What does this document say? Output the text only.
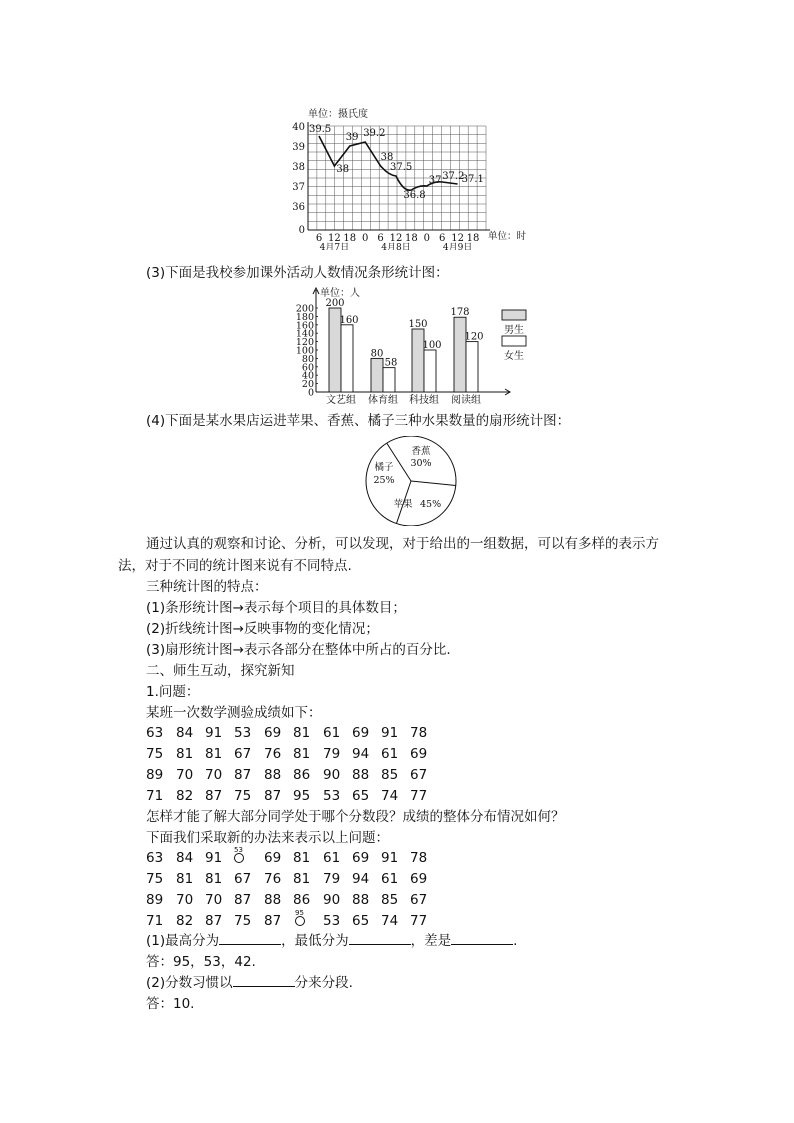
单位：摄氏度
单位：时
40
39
38
37
36
0
6 12 18 0 6 12 18 0 6 12 18
4月7日	4月8日	4月9日
39.5
38
39 39.2
38
37.5
36.8
37 37.2
37.1
(3)下面是我校参加课外活动人数情况条形统计图：
单位：人
200
180
160
140
120
100
80
60
40
20
0
200
160
文艺组
80
58
体育组
150
100
科技组
178
120
阅读组
男生
女生
(4)下面是某水果店运进苹果、香蕉、橘子三种水果数量的扇形统计图：
香蕉
30%
橘子
25%
苹果 45%
通过认真的观察和讨论、分析，可以发现，对于给出的一组数据，可以有多样的表示方
法，对于不同的统计图来说有不同特点.
三种统计图的特点：
(1)条形统计图→表示每个项目的具体数目；
(2)折线统计图→反映事物的变化情况；
(3)扇形统计图→表示各部分在整体中所占的百分比.
二、师生互动，探究新知
1.问题：
某班一次数学测验成绩如下：
63 84 91 53 69 81 61 69 91 78
75 81 81 67 76 81 79 94 61 69
89 70 70 87 88 86 90 88 85 67
71 82 87 75 87 95 53 65 74 77
怎样才能了解大部分同学处于哪个分数段？成绩的整体分布情况如何？
下面我们采取新的办法来表示以上问题：
63 84 91	69 81 61 69 91 78
75 81 81 67 76 81 79 94 61 69
89 70 70 87 88 86 90 88 85 67
71 82 87 75 87	53 65 74 77
53
95
(1)最高分为	，最低分为	，差是	.
答：95，53，42.
(2)分数习惯以	分来分段.
答：10.
